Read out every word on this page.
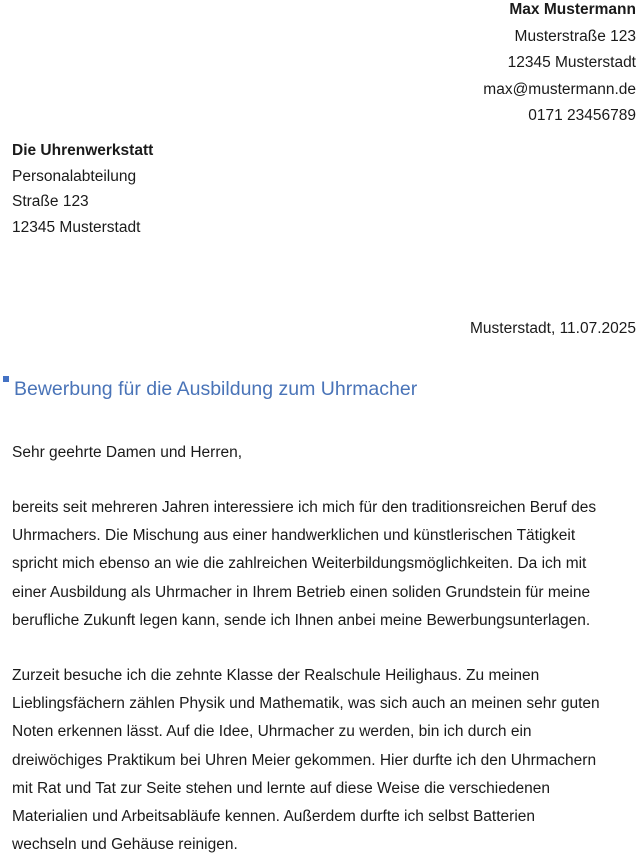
Max Mustermann
Musterstraße 123
12345 Musterstadt
max@mustermann.de
0171 23456789
Die Uhrenwerkstatt
Personalabteilung
Straße 123
12345 Musterstadt
Musterstadt, 11.07.2025
Bewerbung für die Ausbildung zum Uhrmacher
Sehr geehrte Damen und Herren,

bereits seit mehreren Jahren interessiere ich mich für den traditionsreichen Beruf des
Uhrmachers. Die Mischung aus einer handwerklichen und künstlerischen Tätigkeit
spricht mich ebenso an wie die zahlreichen Weiterbildungsmöglichkeiten. Da ich mit
einer Ausbildung als Uhrmacher in Ihrem Betrieb einen soliden Grundstein für meine
berufliche Zukunft legen kann, sende ich Ihnen anbei meine Bewerbungsunterlagen.

Zurzeit besuche ich die zehnte Klasse der Realschule Heilighaus. Zu meinen
Lieblingsfächern zählen Physik und Mathematik, was sich auch an meinen sehr guten
Noten erkennen lässt. Auf die Idee, Uhrmacher zu werden, bin ich durch ein
dreiwöchiges Praktikum bei Uhren Meier gekommen. Hier durfte ich den Uhrmachern
mit Rat und Tat zur Seite stehen und lernte auf diese Weise die verschiedenen
Materialien und Arbeitsabläufe kennen. Außerdem durfte ich selbst Batterien
wechseln und Gehäuse reinigen.
